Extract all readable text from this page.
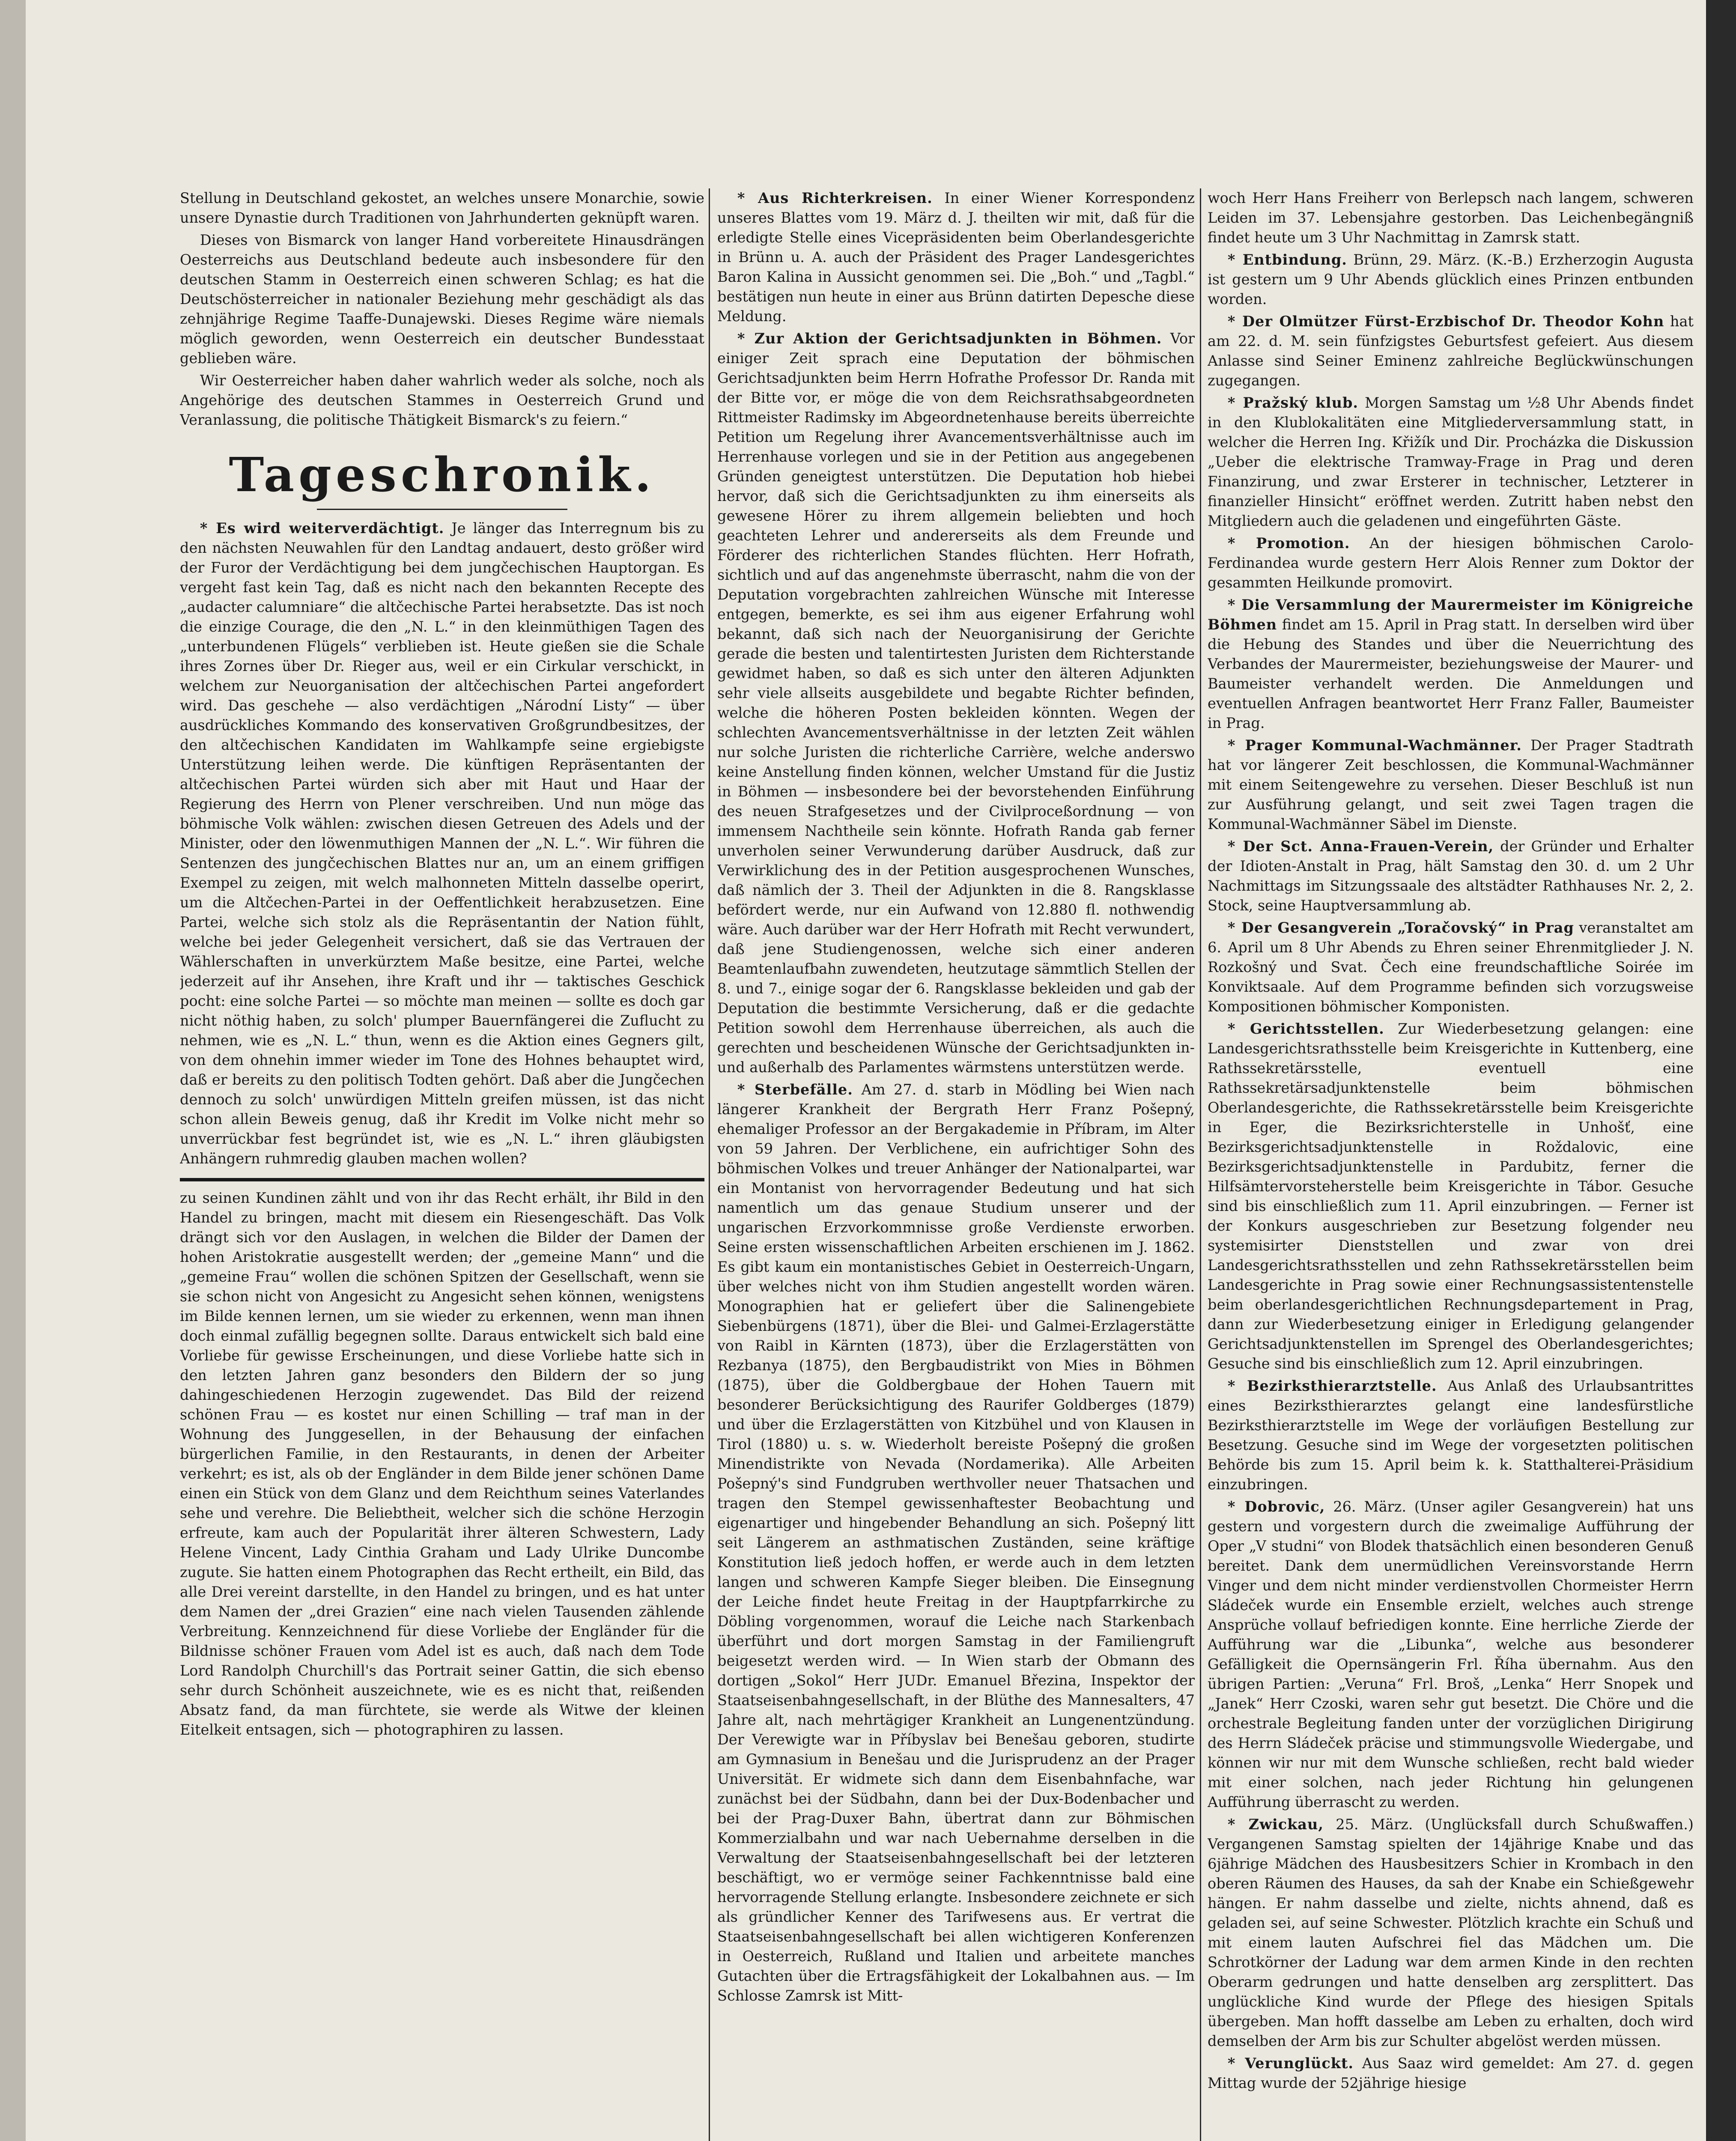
Stellung in Deutschland gekostet, an welches unsere Monarchie, sowie unsere Dynastie durch Traditionen von Jahrhunderten geknüpft waren.

Dieses von Bismarck von langer Hand vorbereitete Hinausdrängen Oesterreichs aus Deutschland bedeute auch insbesondere für den deutschen Stamm in Oesterreich einen schweren Schlag; es hat die Deutschösterreicher in nationaler Beziehung mehr geschädigt als das zehnjährige Regime Taaffe-Dunajewski. Dieses Regime wäre niemals möglich geworden, wenn Oesterreich ein deutscher Bundesstaat geblieben wäre.

Wir Oesterreicher haben daher wahrlich weder als solche, noch als Angehörige des deutschen Stammes in Oesterreich Grund und Veranlassung, die politische Thätigkeit Bismarck's zu feiern.“

Tageschronik.

* Es wird weiterverdächtigt. Je länger das Interregnum bis zu den nächsten Neuwahlen für den Landtag andauert, desto größer wird der Furor der Verdächtigung bei dem jungčechischen Hauptorgan. Es vergeht fast kein Tag, daß es nicht nach den bekannten Recepte des „audacter calumniare“ die altčechische Partei herabsetzte. Das ist noch die einzige Courage, die den „N. L.“ in den kleinmüthigen Tagen des „unterbundenen Flügels“ verblieben ist. Heute gießen sie die Schale ihres Zornes über Dr. Rieger aus, weil er ein Cirkular verschickt, in welchem zur Neuorganisation der altčechischen Partei angefordert wird. Das geschehe — also verdächtigen „Národní Listy“ — über ausdrückliches Kommando des konservativen Großgrundbesitzes, der den altčechischen Kandidaten im Wahlkampfe seine ergiebigste Unterstützung leihen werde. Die künftigen Repräsentanten der altčechischen Partei würden sich aber mit Haut und Haar der Regierung des Herrn von Plener verschreiben. Und nun möge das böhmische Volk wählen: zwischen diesen Getreuen des Adels und der Minister, oder den löwenmuthigen Mannen der „N. L.“. Wir führen die Sentenzen des jungčechischen Blattes nur an, um an einem griffigen Exempel zu zeigen, mit welch malhonneten Mitteln dasselbe operirt, um die Altčechen-Partei in der Oeffentlichkeit herabzusetzen. Eine Partei, welche sich stolz als die Repräsentantin der Nation fühlt, welche bei jeder Gelegenheit versichert, daß sie das Vertrauen der Wählerschaften in unverkürztem Maße besitze, eine Partei, welche jederzeit auf ihr Ansehen, ihre Kraft und ihr — taktisches Geschick pocht: eine solche Partei — so möchte man meinen — sollte es doch gar nicht nöthig haben, zu solch' plumper Bauernfängerei die Zuflucht zu nehmen, wie es „N. L.“ thun, wenn es die Aktion eines Gegners gilt, von dem ohnehin immer wieder im Tone des Hohnes behauptet wird, daß er bereits zu den politisch Todten gehört. Daß aber die Jungčechen dennoch zu solch' unwürdigen Mitteln greifen müssen, ist das nicht schon allein Beweis genug, daß ihr Kredit im Volke nicht mehr so unverrückbar fest begründet ist, wie es „N. L.“ ihren gläubigsten Anhängern ruhmredig glauben machen wollen?

zu seinen Kundinen zählt und von ihr das Recht erhält, ihr Bild in den Handel zu bringen, macht mit diesem ein Riesengeschäft. Das Volk drängt sich vor den Auslagen, in welchen die Bilder der Damen der hohen Aristokratie ausgestellt werden; der „gemeine Mann“ und die „gemeine Frau“ wollen die schönen Spitzen der Gesellschaft, wenn sie sie schon nicht von Angesicht zu Angesicht sehen können, wenigstens im Bilde kennen lernen, um sie wieder zu erkennen, wenn man ihnen doch einmal zufällig begegnen sollte. Daraus entwickelt sich bald eine Vorliebe für gewisse Erscheinungen, und diese Vorliebe hatte sich in den letzten Jahren ganz besonders den Bildern der so jung dahingeschiedenen Herzogin zugewendet. Das Bild der reizend schönen Frau — es kostet nur einen Schilling — traf man in der Wohnung des Junggesellen, in der Behausung der einfachen bürgerlichen Familie, in den Restaurants, in denen der Arbeiter verkehrt; es ist, als ob der Engländer in dem Bilde jener schönen Dame einen ein Stück von dem Glanz und dem Reichthum seines Vaterlandes sehe und verehre. Die Beliebtheit, welcher sich die schöne Herzogin erfreute, kam auch der Popularität ihrer älteren Schwestern, Lady Helene Vincent, Lady Cinthia Graham und Lady Ulrike Duncombe zugute. Sie hatten einem Photographen das Recht ertheilt, ein Bild, das alle Drei vereint darstellte, in den Handel zu bringen, und es hat unter dem Namen der „drei Grazien“ eine nach vielen Tausenden zählende Verbreitung. Kennzeichnend für diese Vorliebe der Engländer für die Bildnisse schöner Frauen vom Adel ist es auch, daß nach dem Tode Lord Randolph Churchill's das Portrait seiner Gattin, die sich ebenso sehr durch Schönheit auszeichnete, wie es es nicht that, reißenden Absatz fand, da man fürchtete, sie werde als Witwe der kleinen Eitelkeit entsagen, sich — photographiren zu lassen.

* Aus Richterkreisen. In einer Wiener Korrespondenz unseres Blattes vom 19. März d. J. theilten wir mit, daß für die erledigte Stelle eines Vicepräsidenten beim Oberlandesgerichte in Brünn u. A. auch der Präsident des Prager Landesgerichtes Baron Kalina in Aussicht genommen sei. Die „Boh.“ und „Tagbl.“ bestätigen nun heute in einer aus Brünn datirten Depesche diese Meldung.

* Zur Aktion der Gerichtsadjunkten in Böhmen. Vor einiger Zeit sprach eine Deputation der böhmischen Gerichtsadjunkten beim Herrn Hofrathe Professor Dr. Randa mit der Bitte vor, er möge die von dem Reichsrathsabgeordneten Rittmeister Radimsky im Abgeordnetenhause bereits überreichte Petition um Regelung ihrer Avancementsverhältnisse auch im Herrenhause vorlegen und sie in der Petition aus angegebenen Gründen geneigtest unterstützen. Die Deputation hob hiebei hervor, daß sich die Gerichtsadjunkten zu ihm einerseits als gewesene Hörer zu ihrem allgemein beliebten und hoch geachteten Lehrer und andererseits als dem Freunde und Förderer des richterlichen Standes flüchten. Herr Hofrath, sichtlich und auf das angenehmste überrascht, nahm die von der Deputation vorgebrachten zahlreichen Wünsche mit Interesse entgegen, bemerkte, es sei ihm aus eigener Erfahrung wohl bekannt, daß sich nach der Neuorganisirung der Gerichte gerade die besten und talentirtesten Juristen dem Richterstande gewidmet haben, so daß es sich unter den älteren Adjunkten sehr viele allseits ausgebildete und begabte Richter befinden, welche die höheren Posten bekleiden könnten. Wegen der schlechten Avancementsverhältnisse in der letzten Zeit wählen nur solche Juristen die richterliche Carrière, welche anderswo keine Anstellung finden können, welcher Umstand für die Justiz in Böhmen — insbesondere bei der bevorstehenden Einführung des neuen Strafgesetzes und der Civilproceßordnung — von immensem Nachtheile sein könnte. Hofrath Randa gab ferner unverholen seiner Verwunderung darüber Ausdruck, daß zur Verwirklichung des in der Petition ausgesprochenen Wunsches, daß nämlich der 3. Theil der Adjunkten in die 8. Rangsklasse befördert werde, nur ein Aufwand von 12.880 fl. nothwendig wäre. Auch darüber war der Herr Hofrath mit Recht verwundert, daß jene Studiengenossen, welche sich einer anderen Beamtenlaufbahn zuwendeten, heutzutage sämmtlich Stellen der 8. und 7., einige sogar der 6. Rangsklasse bekleiden und gab der Deputation die bestimmte Versicherung, daß er die gedachte Petition sowohl dem Herrenhause überreichen, als auch die gerechten und bescheidenen Wünsche der Gerichtsadjunkten in- und außerhalb des Parlamentes wärmstens unterstützen werde.

* Sterbefälle. Am 27. d. starb in Mödling bei Wien nach längerer Krankheit der Bergrath Herr Franz Pošepný, ehemaliger Professor an der Bergakademie in Příbram, im Alter von 59 Jahren. Der Verblichene, ein aufrichtiger Sohn des böhmischen Volkes und treuer Anhänger der Nationalpartei, war ein Montanist von hervorragender Bedeutung und hat sich namentlich um das genaue Studium unserer und der ungarischen Erzvorkommnisse große Verdienste erworben. Seine ersten wissenschaftlichen Arbeiten erschienen im J. 1862. Es gibt kaum ein montanistisches Gebiet in Oesterreich-Ungarn, über welches nicht von ihm Studien angestellt worden wären. Monographien hat er geliefert über die Salinengebiete Siebenbürgens (1871), über die Blei- und Galmei-Erzlagerstätte von Raibl in Kärnten (1873), über die Erzlagerstätten von Rezbanya (1875), den Bergbaudistrikt von Mies in Böhmen (1875), über die Goldbergbaue der Hohen Tauern mit besonderer Berücksichtigung des Raurifer Goldberges (1879) und über die Erzlagerstätten von Kitzbühel und von Klausen in Tirol (1880) u. s. w. Wiederholt bereiste Pošepný die großen Minendistrikte von Nevada (Nordamerika). Alle Arbeiten Pošepný's sind Fundgruben werthvoller neuer Thatsachen und tragen den Stempel gewissenhaftester Beobachtung und eigenartiger und hingebender Behandlung an sich. Pošepný litt seit Längerem an asthmatischen Zuständen, seine kräftige Konstitution ließ jedoch hoffen, er werde auch in dem letzten langen und schweren Kampfe Sieger bleiben. Die Einsegnung der Leiche findet heute Freitag in der Hauptpfarrkirche zu Döbling vorgenommen, worauf die Leiche nach Starkenbach überführt und dort morgen Samstag in der Familiengruft beigesetzt werden wird. — In Wien starb der Obmann des dortigen „Sokol“ Herr JUDr. Emanuel Březina, Inspektor der Staatseisenbahngesellschaft, in der Blüthe des Mannesalters, 47 Jahre alt, nach mehrtägiger Krankheit an Lungenentzündung. Der Verewigte war in Příbyslav bei Benešau geboren, studirte am Gymnasium in Benešau und die Jurisprudenz an der Prager Universität. Er widmete sich dann dem Eisenbahnfache, war zunächst bei der Südbahn, dann bei der Dux-Bodenbacher und bei der Prag-Duxer Bahn, übertrat dann zur Böhmischen Kommerzialbahn und war nach Uebernahme derselben in die Verwaltung der Staatseisenbahngesellschaft bei der letzteren beschäftigt, wo er vermöge seiner Fachkenntnisse bald eine hervorragende Stellung erlangte. Insbesondere zeichnete er sich als gründlicher Kenner des Tarifwesens aus. Er vertrat die Staatseisenbahngesellschaft bei allen wichtigeren Konferenzen in Oesterreich, Rußland und Italien und arbeitete manches Gutachten über die Ertragsfähigkeit der Lokalbahnen aus. — Im Schlosse Zamrsk ist Mitt-

woch Herr Hans Freiherr von Berlepsch nach langem, schweren Leiden im 37. Lebensjahre gestorben. Das Leichenbegängniß findet heute um 3 Uhr Nachmittag in Zamrsk statt.

* Entbindung. Brünn, 29. März. (K.-B.) Erzherzogin Augusta ist gestern um 9 Uhr Abends glücklich eines Prinzen entbunden worden.

* Der Olmützer Fürst-Erzbischof Dr. Theodor Kohn hat am 22. d. M. sein fünfzigstes Geburtsfest gefeiert. Aus diesem Anlasse sind Seiner Eminenz zahlreiche Beglückwünschungen zugegangen.

* Pražský klub. Morgen Samstag um ½8 Uhr Abends findet in den Klublokalitäten eine Mitgliederversammlung statt, in welcher die Herren Ing. Křižík und Dir. Procházka die Diskussion „Ueber die elektrische Tramway-Frage in Prag und deren Finanzirung, und zwar Ersterer in technischer, Letzterer in finanzieller Hinsicht“ eröffnet werden. Zutritt haben nebst den Mitgliedern auch die geladenen und eingeführten Gäste.

* Promotion. An der hiesigen böhmischen Carolo-Ferdinandea wurde gestern Herr Alois Renner zum Doktor der gesammten Heilkunde promovirt.

* Die Versammlung der Maurermeister im Königreiche Böhmen findet am 15. April in Prag statt. In derselben wird über die Hebung des Standes und über die Neuerrichtung des Verbandes der Maurermeister, beziehungsweise der Maurer- und Baumeister verhandelt werden. Die Anmeldungen und eventuellen Anfragen beantwortet Herr Franz Faller, Baumeister in Prag.

* Prager Kommunal-Wachmänner. Der Prager Stadtrath hat vor längerer Zeit beschlossen, die Kommunal-Wachmänner mit einem Seitengewehre zu versehen. Dieser Beschluß ist nun zur Ausführung gelangt, und seit zwei Tagen tragen die Kommunal-Wachmänner Säbel im Dienste.

* Der Sct. Anna-Frauen-Verein, der Gründer und Erhalter der Idioten-Anstalt in Prag, hält Samstag den 30. d. um 2 Uhr Nachmittags im Sitzungssaale des altstädter Rathhauses Nr. 2, 2. Stock, seine Hauptversammlung ab.

* Der Gesangverein „Toračovský“ in Prag veranstaltet am 6. April um 8 Uhr Abends zu Ehren seiner Ehrenmitglieder J. N. Rozkošný und Svat. Čech eine freundschaftliche Soirée im Konviktsaale. Auf dem Programme befinden sich vorzugsweise Kompositionen böhmischer Komponisten.

* Gerichtsstellen. Zur Wiederbesetzung gelangen: eine Landesgerichtsrathsstelle beim Kreisgerichte in Kuttenberg, eine Rathssekretärsstelle, eventuell eine Rathssekretärsadjunktenstelle beim böhmischen Oberlandesgerichte, die Rathssekretärsstelle beim Kreisgerichte in Eger, die Bezirksrichterstelle in Unhošť, eine Bezirksgerichtsadjunktenstelle in Roždalovic, eine Bezirksgerichtsadjunktenstelle in Pardubitz, ferner die Hilfsämtervorsteherstelle beim Kreisgerichte in Tábor. Gesuche sind bis einschließlich zum 11. April einzubringen. — Ferner ist der Konkurs ausgeschrieben zur Besetzung folgender neu systemisirter Dienststellen und zwar von drei Landesgerichtsrathsstellen und zehn Rathssekretärsstellen beim Landesgerichte in Prag sowie einer Rechnungsassistentenstelle beim oberlandesgerichtlichen Rechnungsdepartement in Prag, dann zur Wiederbesetzung einiger in Erledigung gelangender Gerichtsadjunktenstellen im Sprengel des Oberlandesgerichtes; Gesuche sind bis einschließlich zum 12. April einzubringen.

* Bezirksthierarztstelle. Aus Anlaß des Urlaubsantrittes eines Bezirksthierarztes gelangt eine landesfürstliche Bezirksthierarztstelle im Wege der vorläufigen Bestellung zur Besetzung. Gesuche sind im Wege der vorgesetzten politischen Behörde bis zum 15. April beim k. k. Statthalterei-Präsidium einzubringen.

* Dobrovic, 26. März. (Unser agiler Gesangverein) hat uns gestern und vorgestern durch die zweimalige Aufführung der Oper „V studni“ von Blodek thatsächlich einen besonderen Genuß bereitet. Dank dem unermüdlichen Vereinsvorstande Herrn Vinger und dem nicht minder verdienstvollen Chormeister Herrn Sládeček wurde ein Ensemble erzielt, welches auch strenge Ansprüche vollauf befriedigen konnte. Eine herrliche Zierde der Aufführung war die „Libunka“, welche aus besonderer Gefälligkeit die Opernsängerin Frl. Říha übernahm. Aus den übrigen Partien: „Veruna“ Frl. Broš, „Lenka“ Herr Snopek und „Janek“ Herr Czoski, waren sehr gut besetzt. Die Chöre und die orchestrale Begleitung fanden unter der vorzüglichen Dirigirung des Herrn Sládeček präcise und stimmungsvolle Wiedergabe, und können wir nur mit dem Wunsche schließen, recht bald wieder mit einer solchen, nach jeder Richtung hin gelungenen Aufführung überrascht zu werden.

* Zwickau, 25. März. (Unglücksfall durch Schußwaffen.) Vergangenen Samstag spielten der 14jährige Knabe und das 6jährige Mädchen des Hausbesitzers Schier in Krombach in den oberen Räumen des Hauses, da sah der Knabe ein Schießgewehr hängen. Er nahm dasselbe und zielte, nichts ahnend, daß es geladen sei, auf seine Schwester. Plötzlich krachte ein Schuß und mit einem lauten Aufschrei fiel das Mädchen um. Die Schrotkörner der Ladung war dem armen Kinde in den rechten Oberarm gedrungen und hatte denselben arg zersplittert. Das unglückliche Kind wurde der Pflege des hiesigen Spitals übergeben. Man hofft dasselbe am Leben zu erhalten, doch wird demselben der Arm bis zur Schulter abgelöst werden müssen.

* Verunglückt. Aus Saaz wird gemeldet: Am 27. d. gegen Mittag wurde der 52jährige hiesige
